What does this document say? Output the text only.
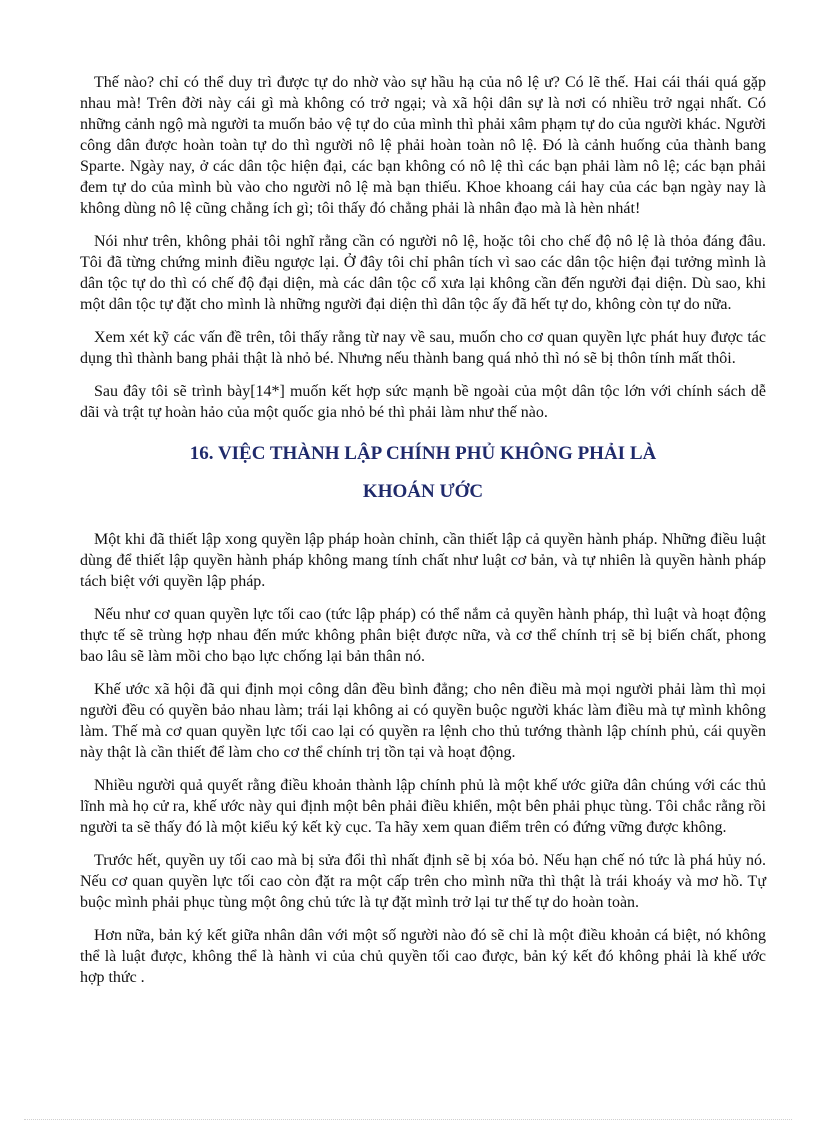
Thế nào? chỉ có thể duy trì được tự do nhờ vào sự hầu hạ của nô lệ ư? Có lẽ thế. Hai cái thái quá gặp nhau mà! Trên đời này cái gì mà không có trở ngại; và xã hội dân sự là nơi có nhiều trở ngại nhất. Có những cảnh ngộ mà người ta muốn bảo vệ tự do của mình thì phải xâm phạm tự do của người khác. Người công dân được hoàn toàn tự do thì người nô lệ phải hoàn toàn nô lệ. Đó là cảnh huống của thành bang Sparte. Ngày nay, ở các dân tộc hiện đại, các bạn không có nô lệ thì các bạn phải làm nô lệ; các bạn phải đem tự do của mình bù vào cho người nô lệ mà bạn thiếu. Khoe khoang cái hay của các bạn ngày nay là không dùng nô lệ cũng chẳng ích gì; tôi thấy đó chẳng phải là nhân đạo mà là hèn nhát!

Nói như trên, không phải tôi nghĩ rằng cần có người nô lệ, hoặc tôi cho chế độ nô lệ là thỏa đáng đâu. Tôi đã từng chứng minh điều ngược lại. Ở đây tôi chỉ phân tích vì sao các dân tộc hiện đại tưởng mình là dân tộc tự do thì có chế độ đại diện, mà các dân tộc cổ xưa lại không cần đến người đại diện. Dù sao, khi một dân tộc tự đặt cho mình là những người đại diện thì dân tộc ấy đã hết tự do, không còn tự do nữa.

Xem xét kỹ các vấn đề trên, tôi thấy rằng từ nay về sau, muốn cho cơ quan quyền lực phát huy được tác dụng thì thành bang phải thật là nhỏ bé. Nhưng nếu thành bang quá nhỏ thì nó sẽ bị thôn tính mất thôi.

Sau đây tôi sẽ trình bày[14*] muốn kết hợp sức mạnh bề ngoài của một dân tộc lớn với chính sách dễ dãi và trật tự hoàn hảo của một quốc gia nhỏ bé thì phải làm như thế nào.

16. VIỆC THÀNH LẬP CHÍNH PHỦ KHÔNG PHẢI LÀ
KHOÁN ƯỚC

Một khi đã thiết lập xong quyền lập pháp hoàn chỉnh, cần thiết lập cả quyền hành pháp. Những điều luật dùng để thiết lập quyền hành pháp không mang tính chất như luật cơ bản, và tự nhiên là quyền hành pháp tách biệt với quyền lập pháp.

Nếu như cơ quan quyền lực tối cao (tức lập pháp) có thể nắm cả quyền hành pháp, thì luật và hoạt động thực tế sẽ trùng hợp nhau đến mức không phân biệt được nữa, và cơ thể chính trị sẽ bị biến chất, phong bao lâu sẽ làm mồi cho bạo lực chống lại bản thân nó.

Khế ước xã hội đã qui định mọi công dân đều bình đẳng; cho nên điều mà mọi người phải làm thì mọi người đều có quyền bảo nhau làm; trái lại không ai có quyền buộc người khác làm điều mà tự mình không làm. Thế mà cơ quan quyền lực tối cao lại có quyền ra lệnh cho thủ tướng thành lập chính phủ, cái quyền này thật là cần thiết để làm cho cơ thể chính trị tồn tại và hoạt động.

Nhiều người quả quyết rằng điều khoản thành lập chính phủ là một khế ước giữa dân chúng với các thủ lĩnh mà họ cử ra, khế ước này qui định một bên phải điều khiển, một bên phải phục tùng. Tôi chắc rằng rồi người ta sẽ thấy đó là một kiểu ký kết kỳ cục. Ta hãy xem quan điểm trên có đứng vững được không.

Trước hết, quyền uy tối cao mà bị sửa đổi thì nhất định sẽ bị xóa bỏ. Nếu hạn chế nó tức là phá hủy nó. Nếu cơ quan quyền lực tối cao còn đặt ra một cấp trên cho mình nữa thì thật là trái khoáy và mơ hồ. Tự buộc mình phải phục tùng một ông chủ tức là tự đặt mình trở lại tư thế tự do hoàn toàn.

Hơn nữa, bản ký kết giữa nhân dân với một số người nào đó sẽ chỉ là một điều khoản cá biệt, nó không thể là luật được, không thể là hành vi của chủ quyền tối cao được, bản ký kết đó không phải là khế ước hợp thức .
